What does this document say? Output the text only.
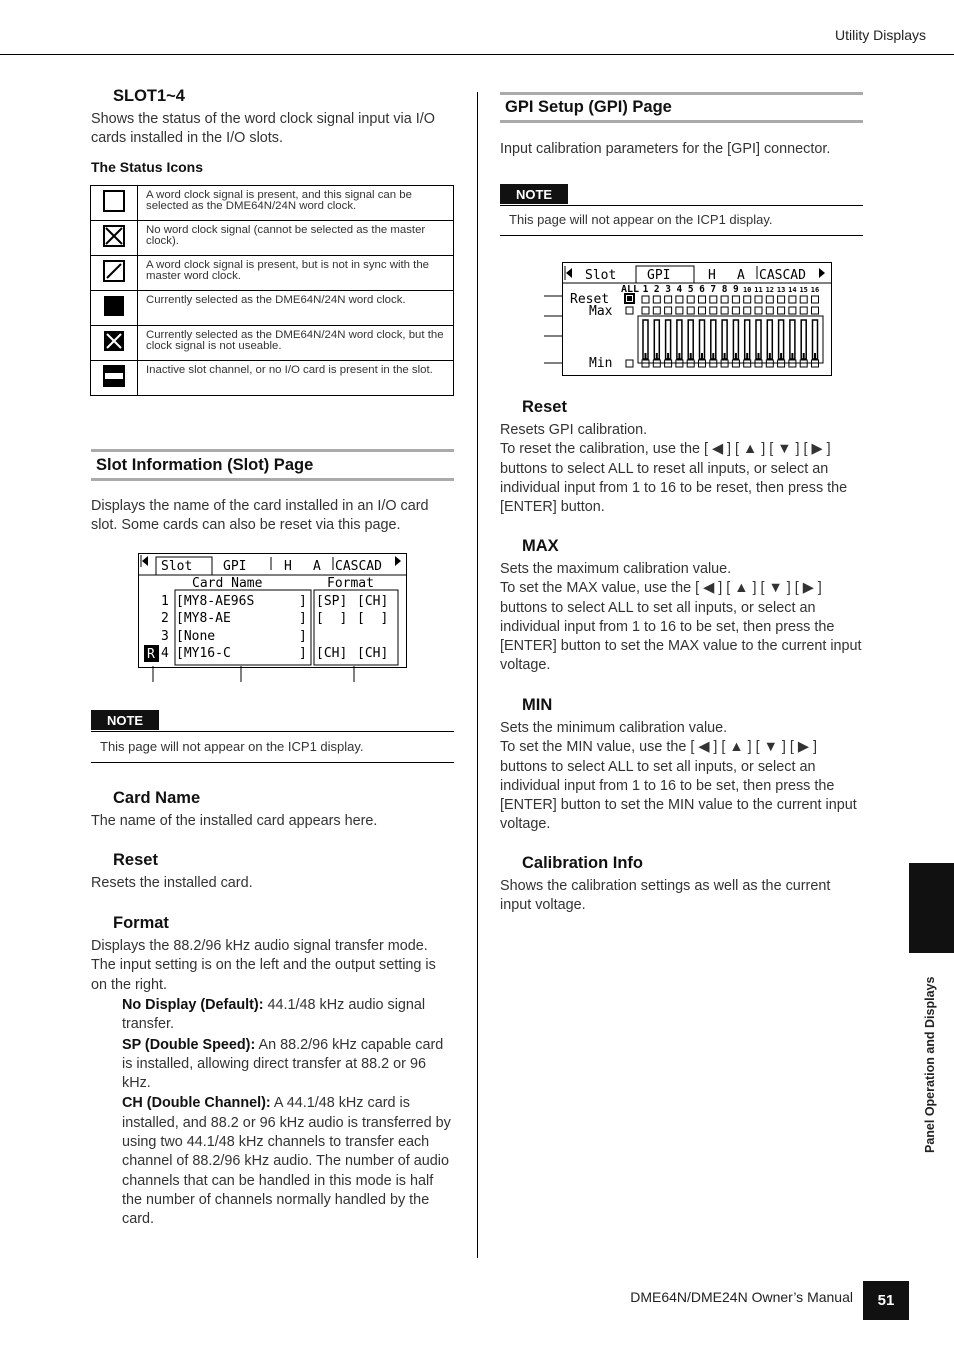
Utility Displays
SLOT1~4
Shows the status of the word clock signal input via I/O cards installed in the I/O slots.
The Status Icons
	A word clock signal is present, and this signal can be selected as the DME64N/24N word clock.
	No word clock signal (cannot be selected as the master clock).
	A word clock signal is present, but is not in sync with the master word clock.
	Currently selected as the DME64N/24N word clock.
	Currently selected as the DME64N/24N word clock, but the clock signal is not useable.
	Inactive slot channel, or no I/O card is present in the slot.
Slot Information (Slot) Page
Displays the name of the card installed in an I/O card slot. Some cards can also be reset via this page.
Slot GPI	H A CASCAD
Card Name	Format
1 [MY8-AE96S	] [SP] [CH]
2 [MY8-AE	] [  ] [  ]
3 [None	]
R 4 [MY16-C	] [CH] [CH]
NOTE
This page will not appear on the ICP1 display.
Card Name
The name of the installed card appears here.
Reset
Resets the installed card.
Format
Displays the 88.2/96 kHz audio signal transfer mode. The input setting is on the left and the output setting is on the right.
No Display (Default): 44.1/48 kHz audio signal transfer.
SP (Double Speed): An 88.2/96 kHz capable card is installed, allowing direct transfer at 88.2 or 96 kHz.
CH (Double Channel): A 44.1/48 kHz card is installed, and 88.2 or 96 kHz audio is transferred by using two 44.1/48 kHz channels to transfer each channel of 88.2/96 kHz audio. The number of audio channels that can be handled in this mode is half the number of channels normally handled by the card.
GPI Setup (GPI) Page
Input calibration parameters for the [GPI] connector.
NOTE
This page will not appear on the ICP1 display.
Slot GPI	H A CASCAD
ALL 1 2 3 4 5 6 7 8 9 10 11 12 13 14 15 16
Reset
Max
Min
Reset
Resets GPI calibration.
To reset the calibration, use the [ ◀ ] [ ▲ ] [ ▼ ] [ ▶ ] buttons to select ALL to reset all inputs, or select an individual input from 1 to 16 to be reset, then press the [ENTER] button.
MAX
Sets the maximum calibration value.
To set the MAX value, use the [ ◀ ] [ ▲ ] [ ▼ ] [ ▶ ] buttons to select ALL to set all inputs, or select an individual input from 1 to 16 to be set, then press the [ENTER] button to set the MAX value to the current input voltage.
MIN
Sets the minimum calibration value.
To set the MIN value, use the [ ◀ ] [ ▲ ] [ ▼ ] [ ▶ ] buttons to select ALL to set all inputs, or select an individual input from 1 to 16 to be set, then press the [ENTER] button to set the MIN value to the current input voltage.
Calibration Info
Shows the calibration settings as well as the current input voltage.
Panel Operation and Displays
DME64N/DME24N Owner’s Manual	51
